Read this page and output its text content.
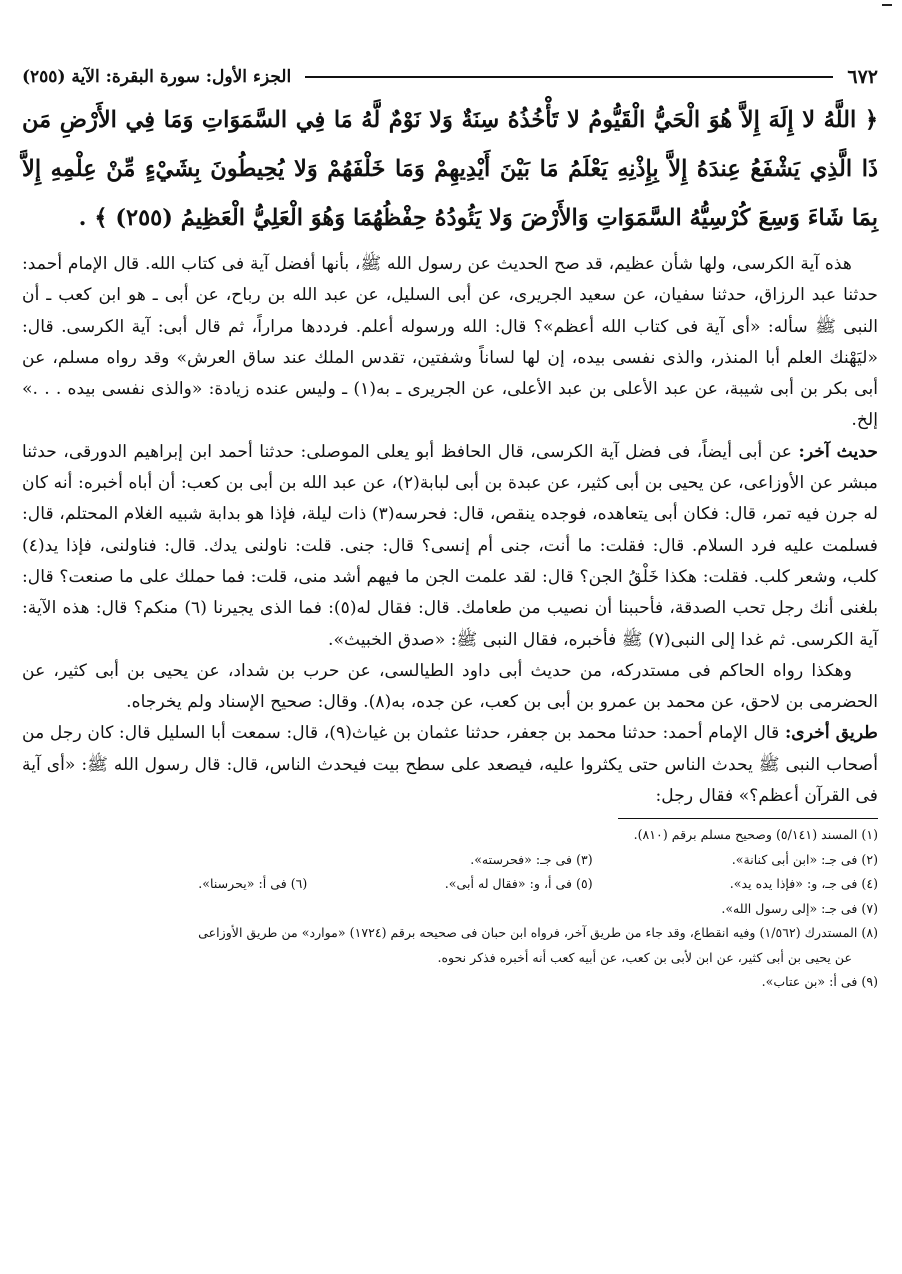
٦٧٢
الجزء الأول: سورة البقرة: الآية (٢٥٥)
﴿ اللَّهُ لا إِلَهَ إِلاَّ هُوَ الْحَيُّ الْقَيُّومُ لا تَأْخُذُهُ سِنَةٌ وَلا نَوْمٌ لَّهُ مَا فِي السَّمَوَاتِ وَمَا فِي الأَرْضِ مَن ذَا الَّذِي يَشْفَعُ عِندَهُ إِلاَّ بِإِذْنِهِ يَعْلَمُ مَا بَيْنَ أَيْدِيهِمْ وَمَا خَلْفَهُمْ وَلا يُحِيطُونَ بِشَيْءٍ مِّنْ عِلْمِهِ إِلاَّ بِمَا شَاءَ وَسِعَ كُرْسِيُّهُ السَّمَوَاتِ وَالأَرْضَ وَلا يَئُودُهُ حِفْظُهُمَا وَهُوَ الْعَلِيُّ الْعَظِيمُ (٢٥٥) ﴾ .

هذه آية الكرسى، ولها شأن عظيم، قد صح الحديث عن رسول الله ﷺ، بأنها أفضل آية فى كتاب الله. قال الإمام أحمد: حدثنا عبد الرزاق، حدثنا سفيان، عن سعيد الجريرى، عن أبى السليل، عن عبد الله بن رباح، عن أبى ـ هو ابن كعب ـ أن النبى ﷺ سأله: «أى آية فى كتاب الله أعظم»؟ قال: الله ورسوله أعلم. فرددها مراراً، ثم قال أبى: آية الكرسى. قال: «ليَهْنك العلم أبا المنذر، والذى نفسى بيده، إن لها لساناً وشفتين، تقدس الملك عند ساق العرش» وقد رواه مسلم، عن أبى بكر بن أبى شيبة، عن عبد الأعلى بن عبد الأعلى، عن الجريرى ـ به(١) ـ وليس عنده زيادة: «والذى نفسى بيده . . .» إلخ.

حديث آخر: عن أبى أيضاً، فى فضل آية الكرسى، قال الحافظ أبو يعلى الموصلى: حدثنا أحمد ابن إبراهيم الدورقى، حدثنا مبشر عن الأوزاعى، عن يحيى بن أبى كثير، عن عبدة بن أبى لبابة(٢)، عن عبد الله بن أبى بن كعب: أن أباه أخبره: أنه كان له جرن فيه تمر، قال: فكان أبى يتعاهده، فوجده ينقص، قال: فحرسه(٣) ذات ليلة، فإذا هو بدابة شبيه الغلام المحتلم، قال: فسلمت عليه فرد السلام. قال: فقلت: ما أنت، جنى أم إنسى؟ قال: جنى. قلت: ناولنى يدك. قال: فناولنى، فإذا يد(٤) كلب، وشعر كلب. فقلت: هكذا خَلْقُ الجن؟ قال: لقد علمت الجن ما فيهم أشد منى، قلت: فما حملك على ما صنعت؟ قال: بلغنى أنك رجل تحب الصدقة، فأحببنا أن نصيب من طعامك. قال: فقال له(٥): فما الذى يجيرنا (٦) منكم؟ قال: هذه الآية: آية الكرسى. ثم غدا إلى النبى(٧) ﷺ فأخبره، فقال النبى ﷺ: «صدق الخبيث».

وهكذا رواه الحاكم فى مستدركه، من حديث أبى داود الطيالسى، عن حرب بن شداد، عن يحيى بن أبى كثير، عن الحضرمى بن لاحق، عن محمد بن عمرو بن أبى بن كعب، عن جده، به(٨). وقال: صحيح الإسناد ولم يخرجاه.

طريق أخرى: قال الإمام أحمد: حدثنا محمد بن جعفر، حدثنا عثمان بن غياث(٩)، قال: سمعت أبا السليل قال: كان رجل من أصحاب النبى ﷺ يحدث الناس حتى يكثروا عليه، فيصعد على سطح بيت فيحدث الناس، قال: قال رسول الله ﷺ: «أى آية فى القرآن أعظم؟» فقال رجل:

(١) المسند (٥/١٤١) وصحيح مسلم برقم (٨١٠).
(٢) فى جـ: «ابن أبى كنانة».
(٣) فى جـ: «فحرسته».
(٤) فى جـ، و: «فإذا يده يد».
(٥) فى أ، و: «فقال له أبى».
(٦) فى أ: «يحرسنا».
(٧) فى جـ: «إلى رسول الله».
(٨) المستدرك (١/٥٦٢) وفيه انقطاع، وقد جاء من طريق آخر، فرواه ابن حبان فى صحيحه برقم (١٧٢٤) «موارد» من طريق الأوزاعى
عن يحيى بن أبى كثير، عن ابن لأبى بن كعب، عن أبيه كعب أنه أخبره فذكر نحوه.
(٩) فى أ: «بن عتاب».
